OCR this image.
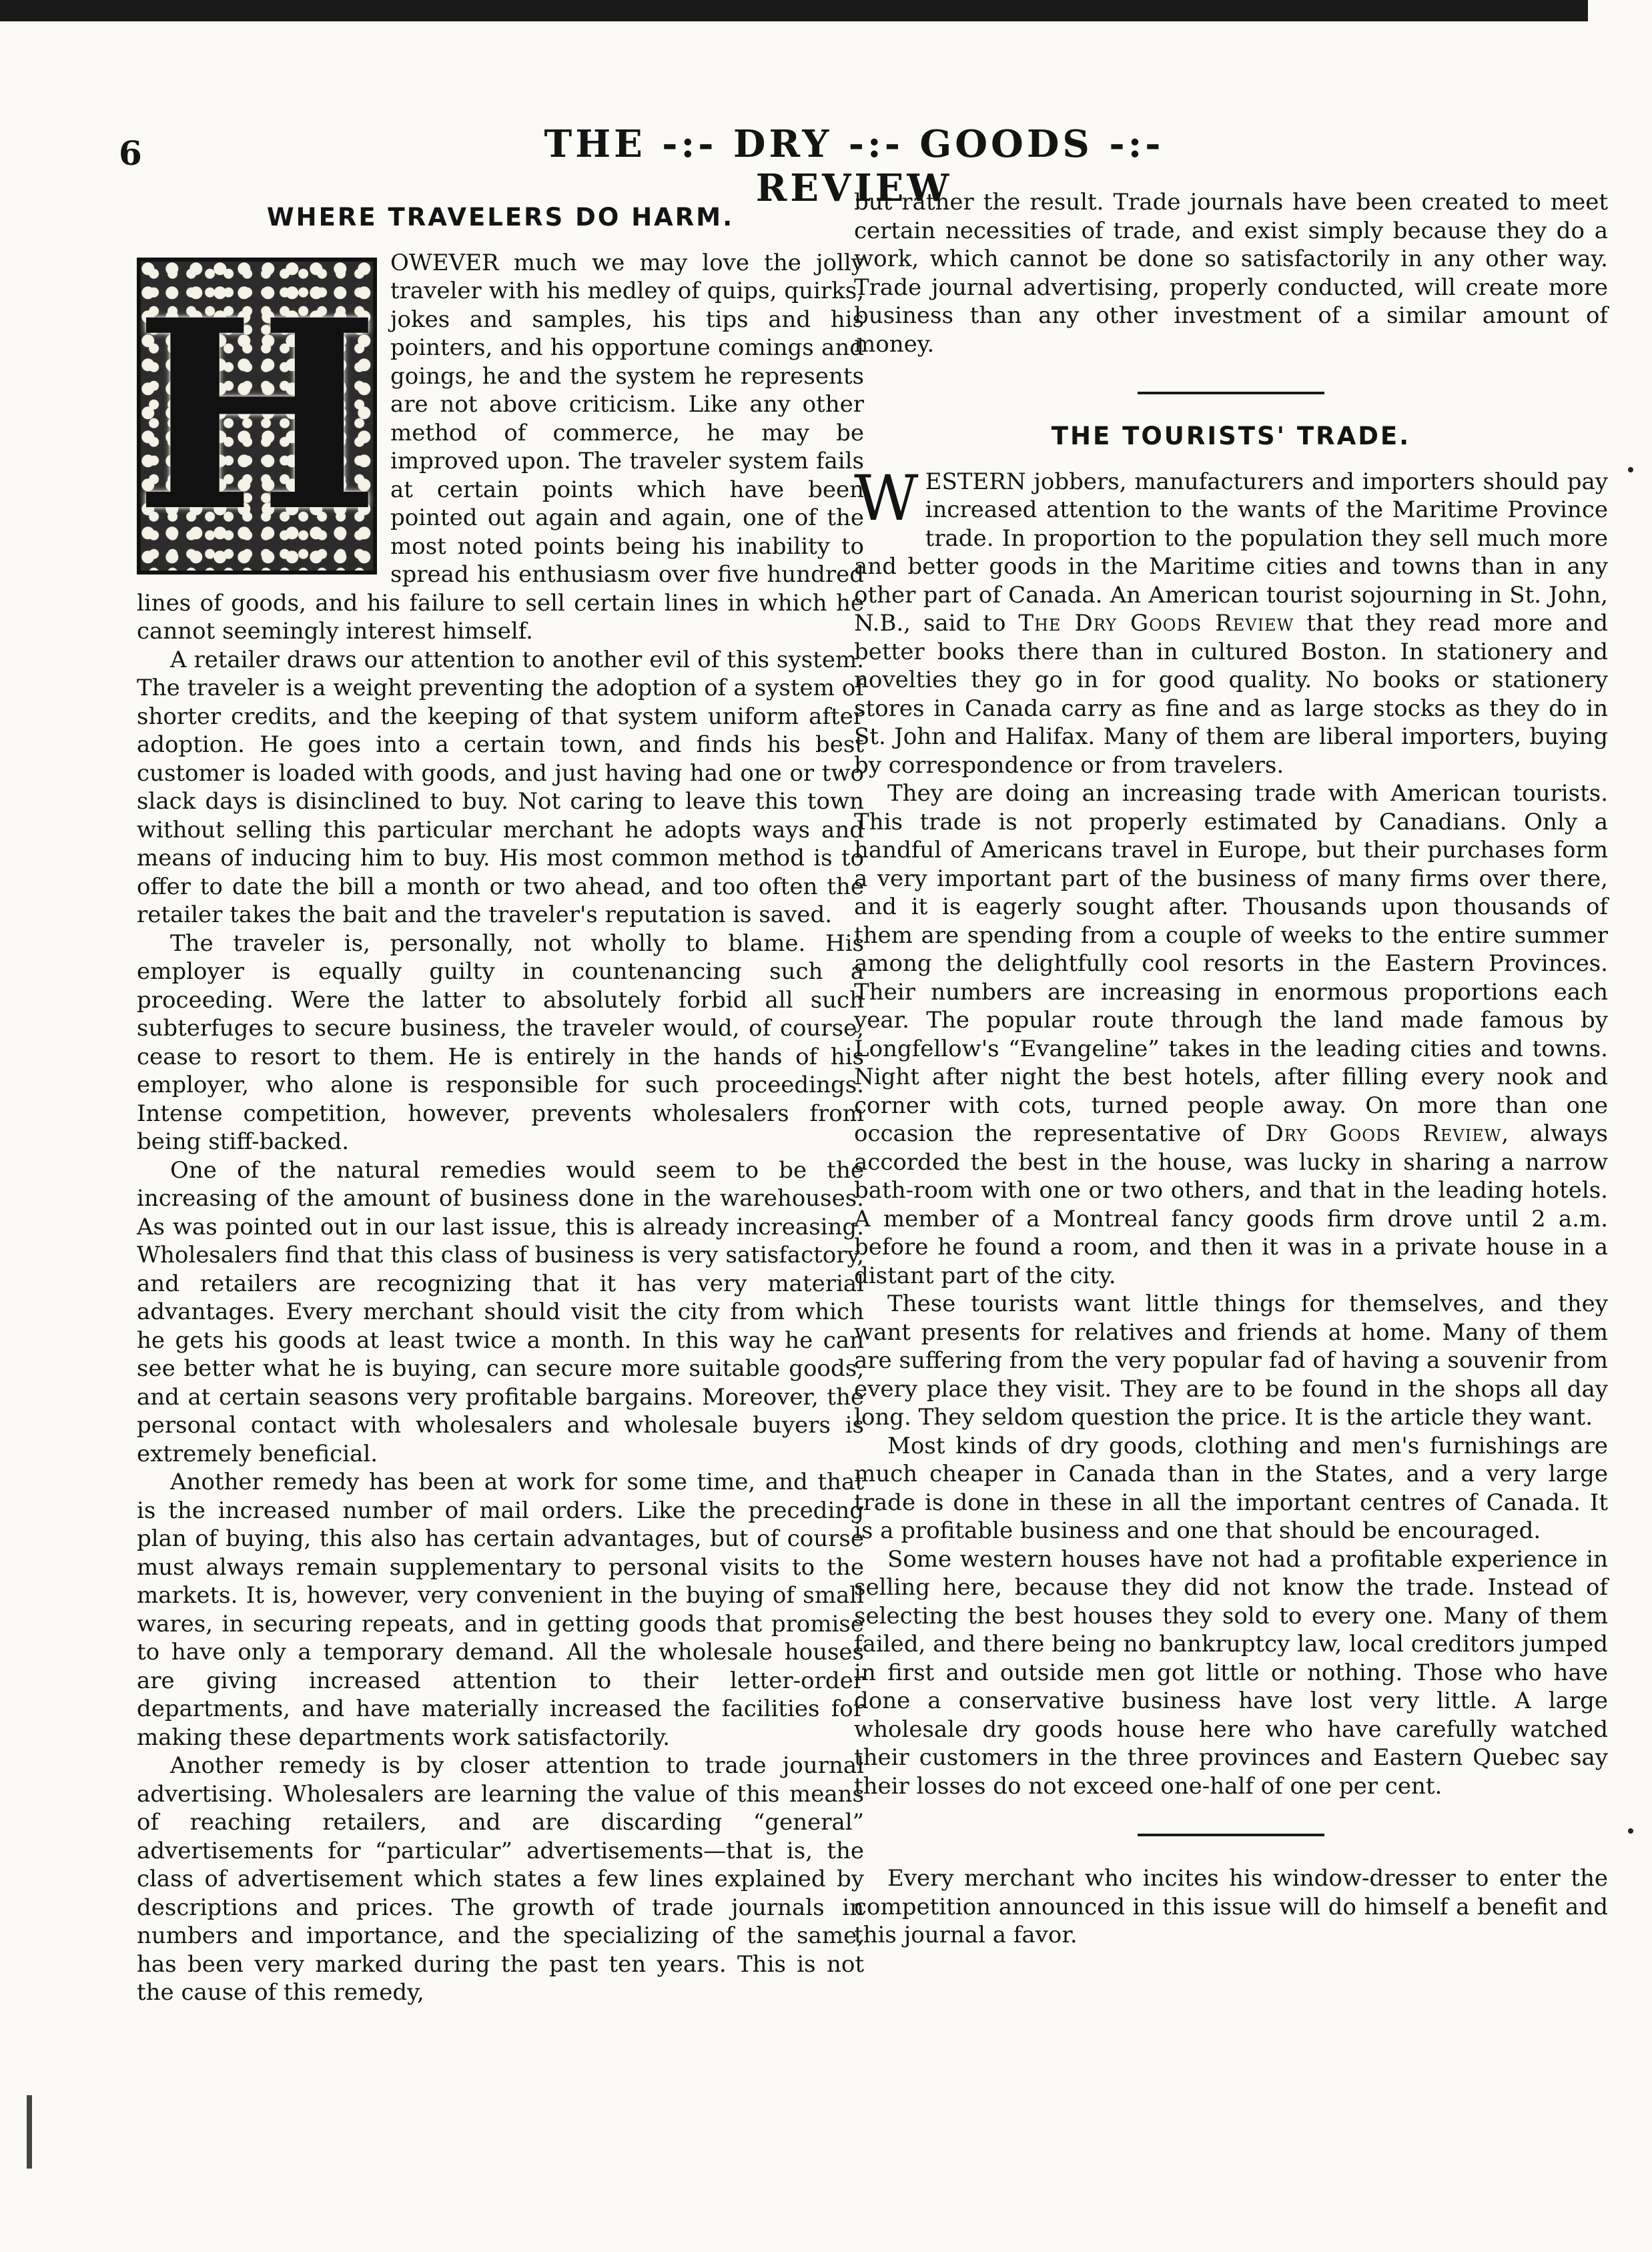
6	THE -:- DRY -:- GOODS -:- REVIEW
WHERE TRAVELERS DO HARM.
H

OWEVER much we may love the jolly traveler with his medley of quips, quirks, jokes and samples, his tips and his pointers, and his opportune comings and goings, he and the system he represents are not above criticism. Like any other method of commerce, he may be improved upon. The traveler system fails at certain points which have been pointed out again and again, one of the most noted points being his inability to spread his enthusiasm over five hundred lines of goods, and his failure to sell certain lines in which he cannot seemingly interest himself.

A retailer draws our attention to another evil of this system. The traveler is a weight preventing the adoption of a system of shorter credits, and the keeping of that system uniform after adoption. He goes into a certain town, and finds his best customer is loaded with goods, and just having had one or two slack days is disinclined to buy. Not caring to leave this town without selling this particular merchant he adopts ways and means of inducing him to buy. His most common method is to offer to date the bill a month or two ahead, and too often the retailer takes the bait and the traveler's reputation is saved.

The traveler is, personally, not wholly to blame. His employer is equally guilty in countenancing such a proceeding. Were the latter to absolutely forbid all such subterfuges to secure business, the traveler would, of course, cease to resort to them. He is entirely in the hands of his employer, who alone is responsible for such proceedings. Intense competition, however, prevents wholesalers from being stiff-backed.

One of the natural remedies would seem to be the increasing of the amount of business done in the warehouses. As was pointed out in our last issue, this is already increasing. Wholesalers find that this class of business is very satisfactory, and retailers are recognizing that it has very material advantages. Every merchant should visit the city from which he gets his goods at least twice a month. In this way he can see better what he is buying, can secure more suitable goods, and at certain seasons very profitable bargains. Moreover, the personal contact with wholesalers and wholesale buyers is extremely beneficial.

Another remedy has been at work for some time, and that is the increased number of mail orders. Like the preceding plan of buying, this also has certain advantages, but of course must always remain supplementary to personal visits to the markets. It is, however, very convenient in the buying of small wares, in securing repeats, and in getting goods that promise to have only a temporary demand. All the wholesale houses are giving increased attention to their letter-order departments, and have materially increased the facilities for making these departments work satisfactorily.

Another remedy is by closer attention to trade journal advertising. Wholesalers are learning the value of this means of reaching retailers, and are discarding “general” advertisements for “particular” advertisements—that is, the class of advertisement which states a few lines explained by descriptions and prices. The growth of trade journals in numbers and importance, and the specializing of the same, has been very marked during the past ten years. This is not the cause of this remedy,

but rather the result. Trade journals have been created to meet certain necessities of trade, and exist simply because they do a work, which cannot be done so satisfactorily in any other way. Trade journal advertising, properly conducted, will create more business than any other investment of a similar amount of money.

THE TOURISTS' TRADE.

WESTERN jobbers, manufacturers and importers should pay increased attention to the wants of the Maritime Province trade. In proportion to the population they sell much more and better goods in the Maritime cities and towns than in any other part of Canada. An American tourist sojourning in St. John, N.B., said to The Dry Goods Review that they read more and better books there than in cultured Boston. In stationery and novelties they go in for good quality. No books or stationery stores in Canada carry as fine and as large stocks as they do in St. John and Halifax. Many of them are liberal importers, buying by correspondence or from travelers.

They are doing an increasing trade with American tourists. This trade is not properly estimated by Canadians. Only a handful of Americans travel in Europe, but their purchases form a very important part of the business of many firms over there, and it is eagerly sought after. Thousands upon thousands of them are spending from a couple of weeks to the entire summer among the delightfully cool resorts in the Eastern Provinces. Their numbers are increasing in enormous proportions each year. The popular route through the land made famous by Longfellow's “Evangeline” takes in the leading cities and towns. Night after night the best hotels, after filling every nook and corner with cots, turned people away. On more than one occasion the representative of Dry Goods Review, always accorded the best in the house, was lucky in sharing a narrow bath-room with one or two others, and that in the leading hotels. A member of a Montreal fancy goods firm drove until 2 a.m. before he found a room, and then it was in a private house in a distant part of the city.

These tourists want little things for themselves, and they want presents for relatives and friends at home. Many of them are suffering from the very popular fad of having a souvenir from every place they visit. They are to be found in the shops all day long. They seldom question the price. It is the article they want.

Most kinds of dry goods, clothing and men's furnishings are much cheaper in Canada than in the States, and a very large trade is done in these in all the important centres of Canada. It is a profitable business and one that should be encouraged.

Some western houses have not had a profitable experience in selling here, because they did not know the trade. Instead of selecting the best houses they sold to every one. Many of them failed, and there being no bankruptcy law, local creditors jumped in first and outside men got little or nothing. Those who have done a conservative business have lost very little. A large wholesale dry goods house here who have carefully watched their customers in the three provinces and Eastern Quebec say their losses do not exceed one-half of one per cent.

Every merchant who incites his window-dresser to enter the competition announced in this issue will do himself a benefit and this journal a favor.
